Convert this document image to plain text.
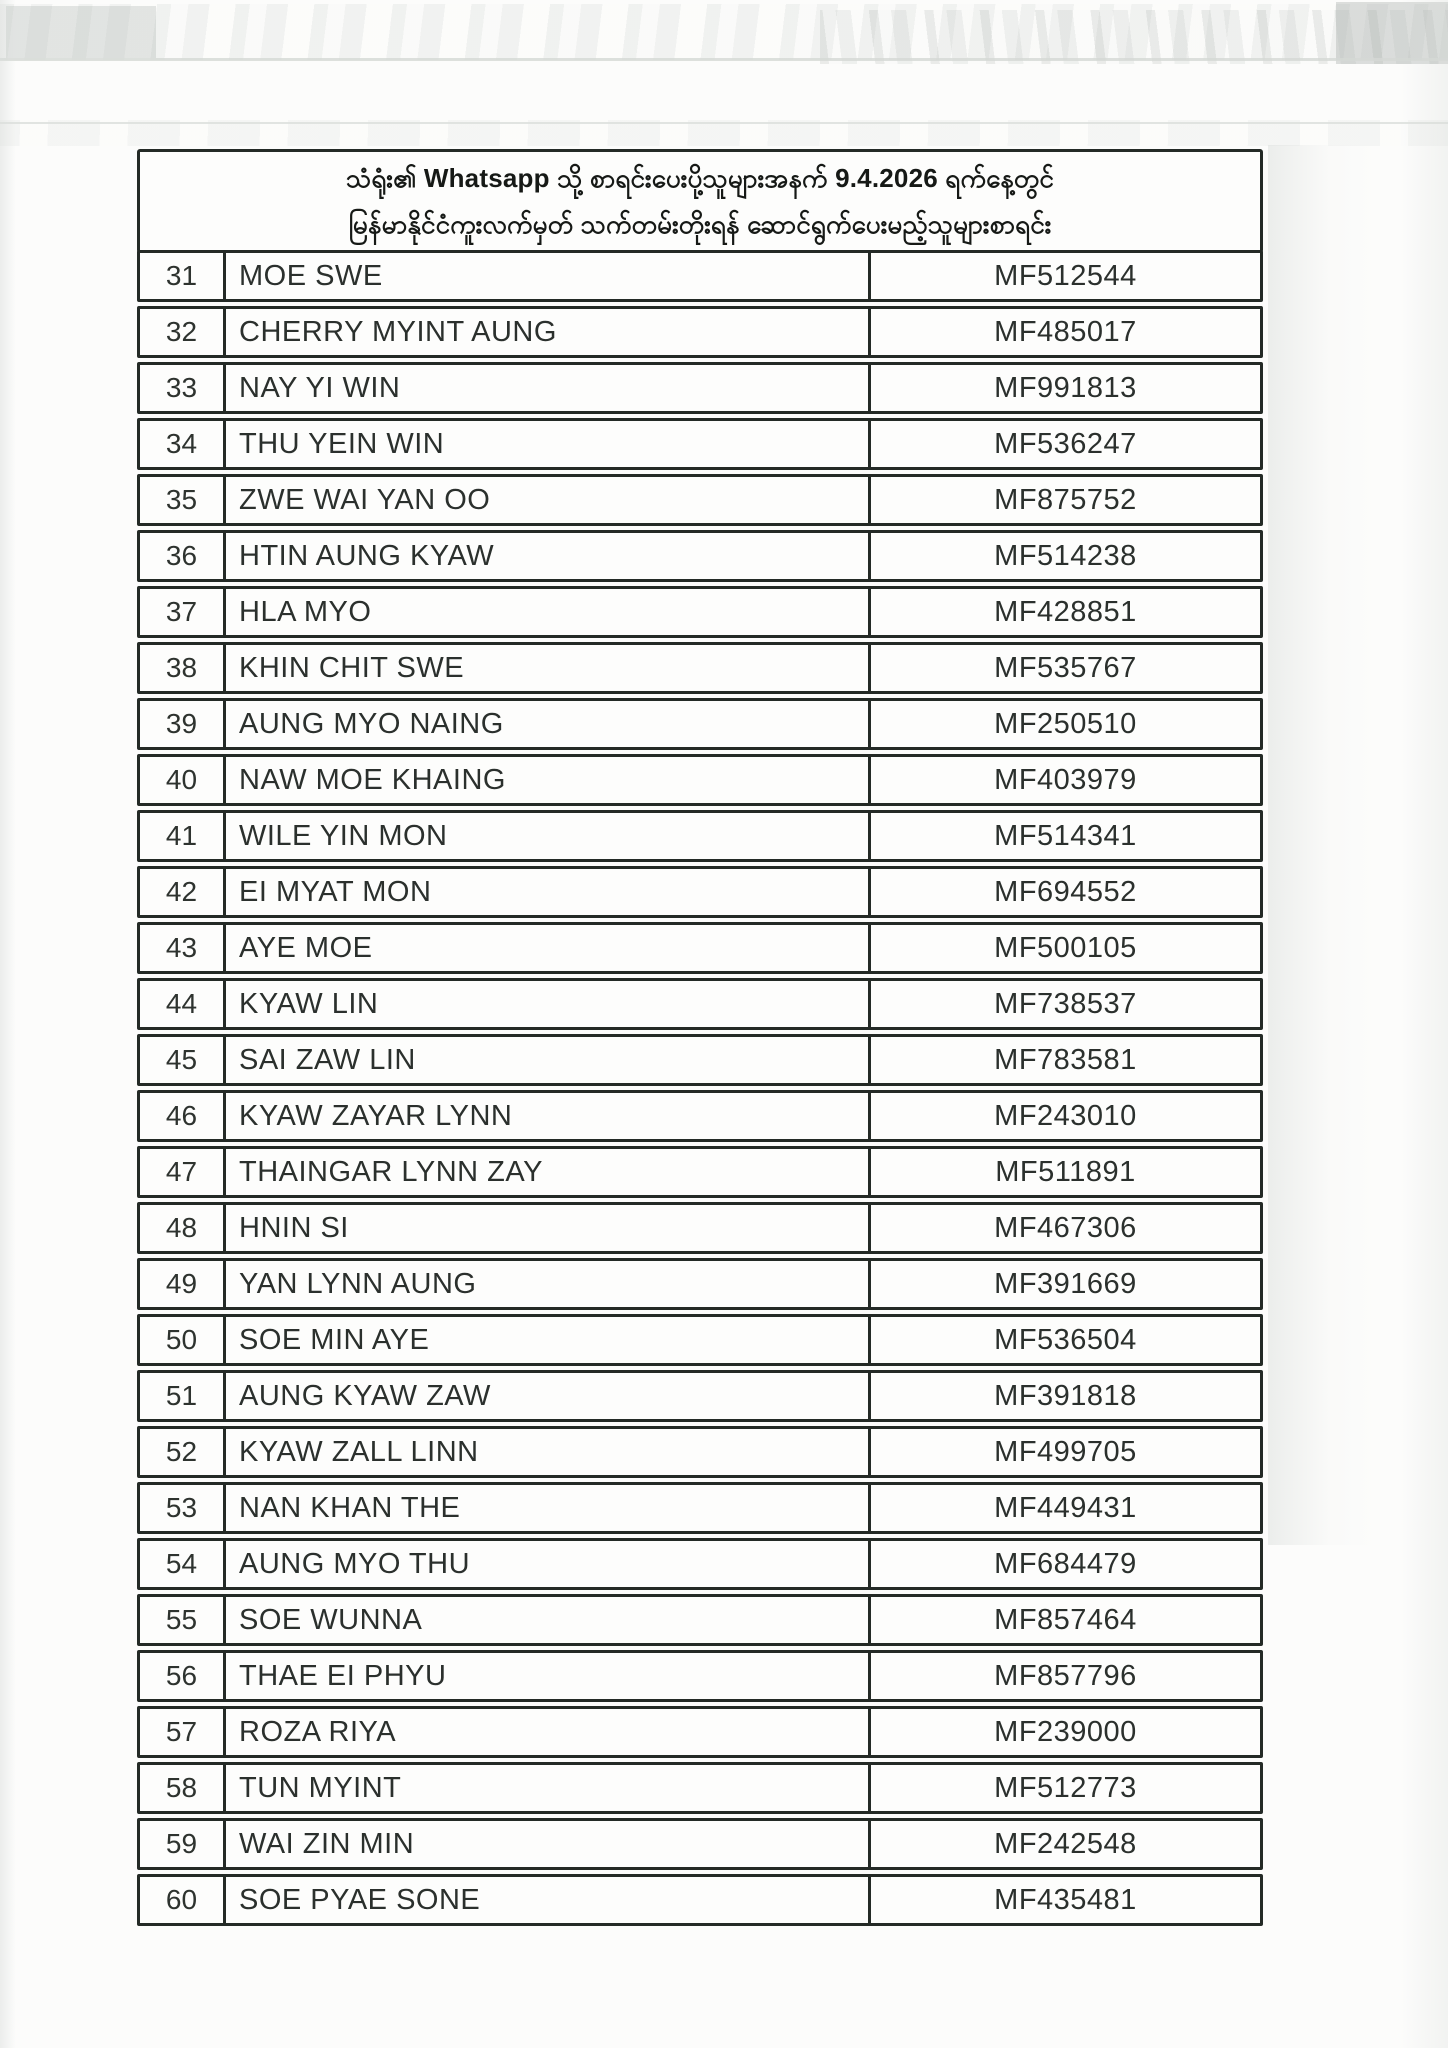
သံရုံး၏ Whatsapp သို့ စာရင်းပေးပို့သူများအနက် 9.4.2026 ရက်နေ့တွင်
မြန်မာနိုင်ငံကူးလက်မှတ် သက်တမ်းတိုးရန် ဆောင်ရွက်ပေးမည့်သူများစာရင်း
31	MOE SWE	MF512544
32	CHERRY MYINT AUNG	MF485017
33	NAY YI WIN	MF991813
34	THU YEIN WIN	MF536247
35	ZWE WAI YAN OO	MF875752
36	HTIN AUNG KYAW	MF514238
37	HLA MYO	MF428851
38	KHIN CHIT SWE	MF535767
39	AUNG MYO NAING	MF250510
40	NAW MOE KHAING	MF403979
41	WILE YIN MON	MF514341
42	EI MYAT MON	MF694552
43	AYE MOE	MF500105
44	KYAW LIN	MF738537
45	SAI ZAW LIN	MF783581
46	KYAW ZAYAR LYNN	MF243010
47	THAINGAR LYNN ZAY	MF511891
48	HNIN SI	MF467306
49	YAN LYNN AUNG	MF391669
50	SOE MIN AYE	MF536504
51	AUNG KYAW ZAW	MF391818
52	KYAW ZALL LINN	MF499705
53	NAN KHAN THE	MF449431
54	AUNG MYO THU	MF684479
55	SOE WUNNA	MF857464
56	THAE EI PHYU	MF857796
57	ROZA RIYA	MF239000
58	TUN MYINT	MF512773
59	WAI ZIN MIN	MF242548
60	SOE PYAE SONE	MF435481
